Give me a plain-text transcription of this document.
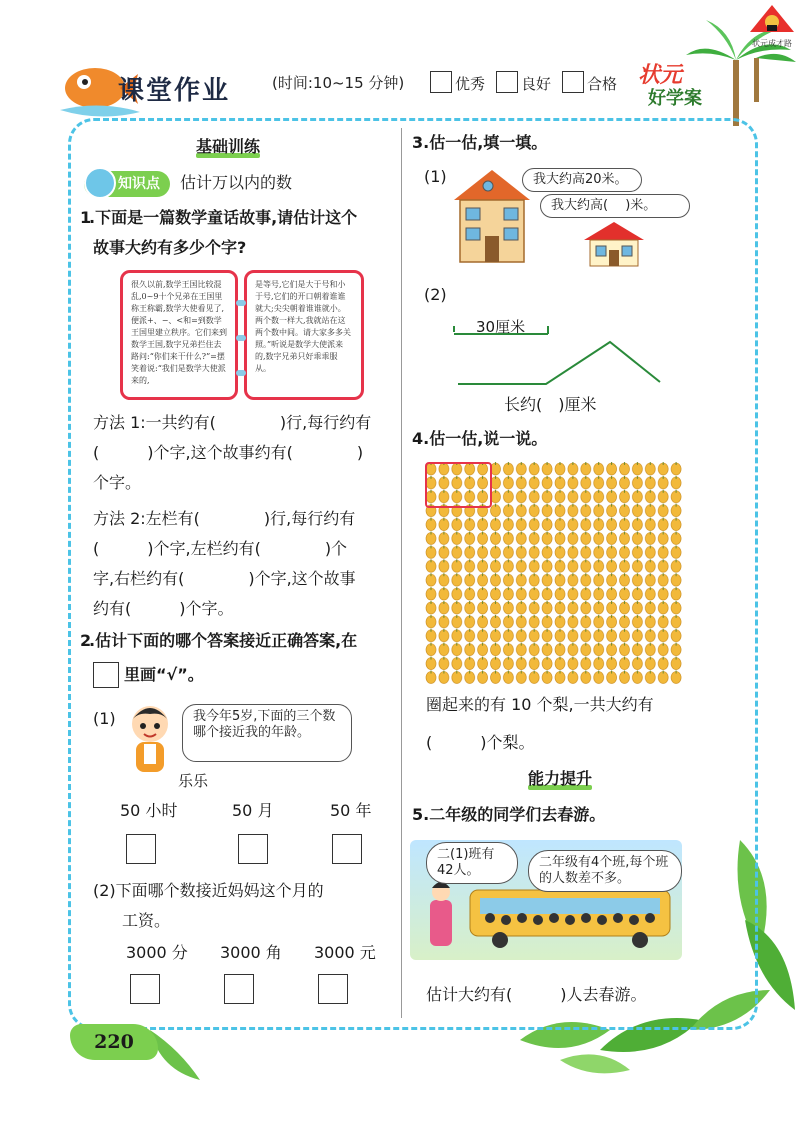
状元成才路
课堂作业	(时间:10~15 分钟)	优秀 良好 合格 状元
好学案
基础训练
知识点	估计万以内的数
1
.下面是一篇数学童话故事,请估计这个
故事大约有多少个字?
很久以前,数学王国比较混乱,0~9十个兄弟在王国里称王称霸,数学大使看见了,便派+、−、<和=到数学王国里建立秩序。它们来到数学王国,数字兄弟拦住去路问:“你们来干什么?”=摆笑着说:“我们是数学大使派来的,
是等号,它们是大于号和小于号,它们的开口朝着谁谁就大;尖尖朝着谁谁就小。两个数一样大,我就站在这两个数中间。请大家多多关照。”听说是数学大使派来的,数字兄弟只好乖乖服从。
方法 1:一共约有(　　　　)行,每行约有
(　　　)个字,这个故事约有(　　　　)
个字。
方法 2:左栏有(　　　　)行,每行约有
(　　　)个字,左栏约有(　　　　)个
字,右栏约有(　　　　)个字,这个故事
约有(　　　)个字。
2
.估计下面的哪个答案接近正确答案,在
里画“√”。
(1)	我今年5岁,下面的三个数哪个接近我的年龄。
乐乐
50 小时	50 月	50 年
(2)下面哪个数接近妈妈这个月的
工资。
3000 分 3000 角 3000 元
3.估一估,填一填。
(1)	我大约高20米。
我大约高(　 )米。
(2)
30厘米
长约(　)厘米
4.估一估,说一说。
圈起来的有 10 个梨,一共大约有
(　　　)个梨。
能力提升
5.二年级的同学们去春游。
二(1)班有42人。
二年级有4个班,每个班的人数差不多。
估计大约有(　　　)人去春游。
220
